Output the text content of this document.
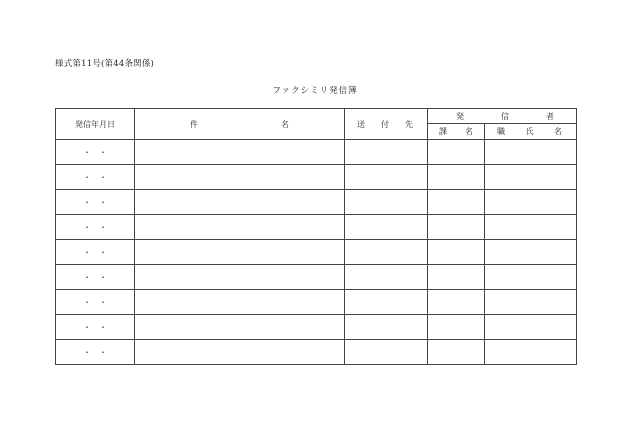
様式第11号(第44条関係)
ファクシミリ発信簿
発信年月日	件 名	送 付 先	発 信 者	

			課 名	職 氏 名

・　・				
・　・				
・　・				
・　・				
・　・				
・　・				
・　・				
・　・				
・　・				
